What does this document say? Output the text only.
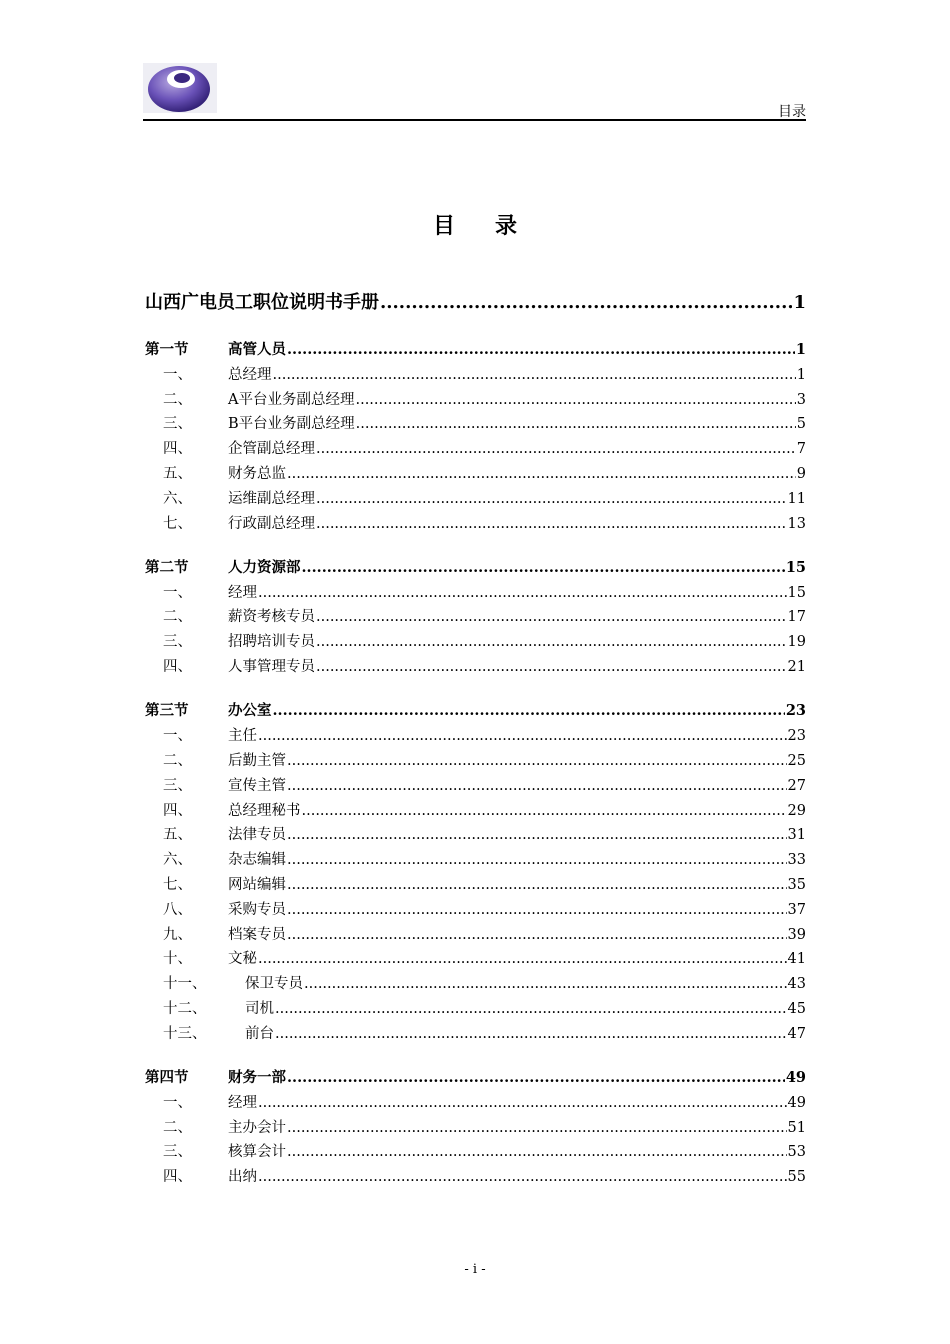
目录
目录
山西广电员工职位说明书手册 .....	1
第一节	高管人员 .....	1
一、	总经理 .....	1
二、	A平台业务副总经理 .....	3
三、	B平台业务副总经理 .....	5
四、	企管副总经理 .....	7
五、	财务总监 .....	9
六、	运维副总经理 .....	11
七、	行政副总经理 .....	13
第二节	人力资源部 .....	15
一、	经理 .....	15
二、	薪资考核专员 .....	17
三、	招聘培训专员 .....	19
四、	人事管理专员 .....	21
第三节	办公室 .....	23
一、	主任 .....	23
二、	后勤主管 .....	25
三、	宣传主管 .....	27
四、	总经理秘书 .....	29
五、	法律专员 .....	31
六、	杂志编辑 .....	33
七、	网站编辑 .....	35
八、	采购专员 .....	37
九、	档案专员 .....	39
十、	文秘 .....	41
十一、	保卫专员 .....	43
十二、	司机 .....	45
十三、	前台 .....	47
第四节	财务一部 .....	49
一、	经理 .....	49
二、	主办会计 .....	51
三、	核算会计 .....	53
四、	出纳 .....	55
- i -
